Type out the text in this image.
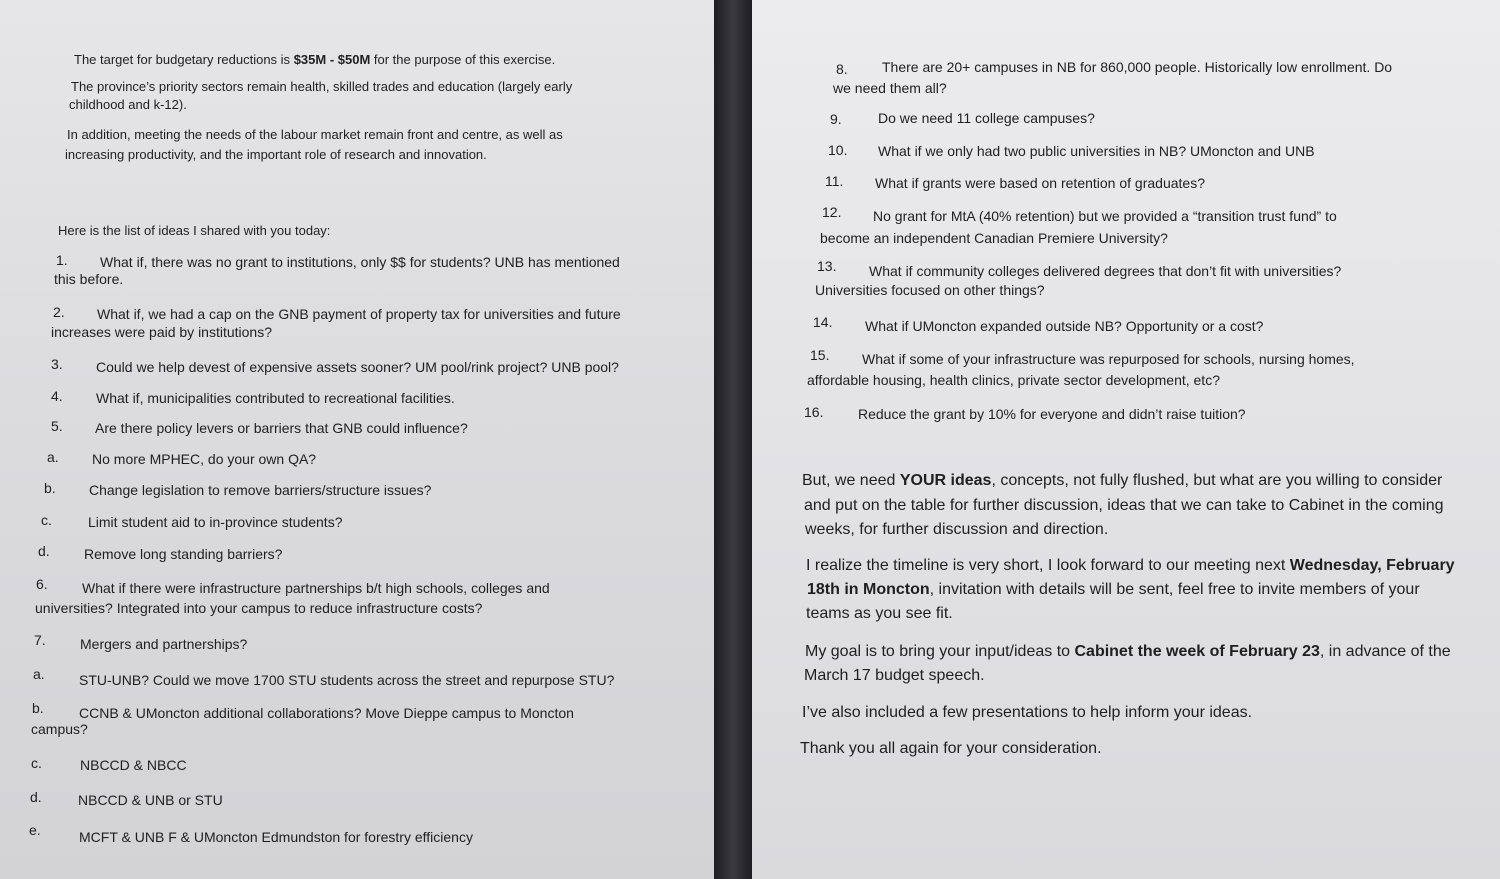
The target for budgetary reductions is $35M - $50M for the purpose of this exercise.
The province’s priority sectors remain health, skilled trades and education (largely early
childhood and k-12).
In addition, meeting the needs of the labour market remain front and centre, as well as
increasing productivity, and the important role of research and innovation.
Here is the list of ideas I shared with you today:
1. What if, there was no grant to institutions, only $$ for students? UNB has mentioned
this before.
2. What if, we had a cap on the GNB payment of property tax for universities and future
increases were paid by institutions?
3. Could we help devest of expensive assets sooner? UM pool/rink project? UNB pool?
4. What if, municipalities contributed to recreational facilities.
5. Are there policy levers or barriers that GNB could influence?
a. No more MPHEC, do your own QA?
b. Change legislation to remove barriers/structure issues?
c.	Limit student aid to in-province students?
d. Remove long standing barriers?
6. What if there were infrastructure partnerships b/t high schools, colleges and
universities? Integrated into your campus to reduce infrastructure costs?
7. Mergers and partnerships?
a. STU-UNB? Could we move 1700 STU students across the street and repurpose STU?
b.	CCNB & UMoncton additional collaborations? Move Dieppe campus to Moncton
campus?
c.	NBCCD & NBCC
d.	NBCCD & UNB or STU
e.	MCFT & UNB F & UMoncton Edmundston for forestry efficiency
8. There are 20+ campuses in NB for 860,000 people. Historically low enrollment. Do
we need them all?
9.	Do we need 11 college campuses?
10. What if we only had two public universities in NB? UMoncton and UNB
11. What if grants were based on retention of graduates?
12. No grant for MtA (40% retention) but we provided a “transition trust fund” to
become an independent Canadian Premiere University?
13. What if community colleges delivered degrees that don’t fit with universities?
Universities focused on other things?
14. What if UMoncton expanded outside NB? Opportunity or a cost?
15. What if some of your infrastructure was repurposed for schools, nursing homes,
affordable housing, health clinics, private sector development, etc?
16. Reduce the grant by 10% for everyone and didn’t raise tuition?
But, we need YOUR ideas, concepts, not fully flushed, but what are you willing to consider
and put on the table for further discussion, ideas that we can take to Cabinet in the coming
weeks, for further discussion and direction.
I realize the timeline is very short, I look forward to our meeting next Wednesday, February
18th in Moncton, invitation with details will be sent, feel free to invite members of your
teams as you see fit.
My goal is to bring your input/ideas to Cabinet the week of February 23, in advance of the
March 17 budget speech.
I’ve also included a few presentations to help inform your ideas.
Thank you all again for your consideration.
